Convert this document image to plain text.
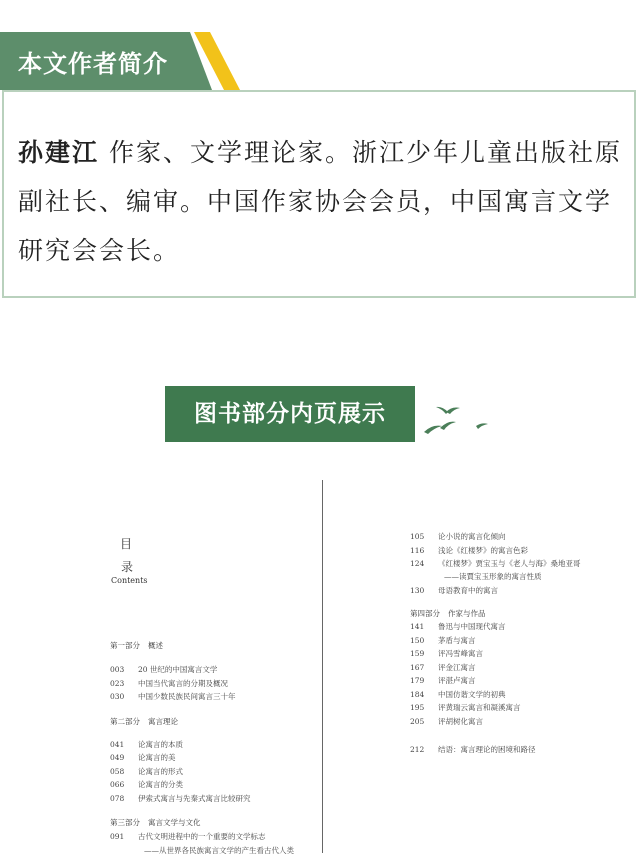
本文作者简介

孙建江 作家、文学理论家。浙江少年儿童出版社原副社长、编审。中国作家协会会员，中国寓言文学研究会会长。

图书部分内页展示
目
录
Contents
第一部分 概述
003 20 世纪的中国寓言文学
023 中国当代寓言的分期及概况
030 中国少数民族民间寓言三十年
第二部分 寓言理论
041 论寓言的本质
049 论寓言的美
058 论寓言的形式
066 论寓言的分类
078 伊索式寓言与先秦式寓言比较研究
第三部分 寓言文学与文化
091 古代文明进程中的一个重要的文学标志
——从世界各民族寓言文学的产生看古代人类
105 论小说的寓言化倾向
116 浅论《红楼梦》的寓言色彩
124 《红楼梦》贾宝玉与《老人与海》桑地亚哥
——读賈宝玉形象的寓言性质
130 母语教育中的寓言
第四部分 作家与作品
141 鲁迅与中国现代寓言
150 茅盾与寓言
159 评冯雪峰寓言
167 评金江寓言
179 评湛卢寓言
184 中国仿谐文学的初典
195 评黄瑞云寓言和凝溪寓言
205 评胡树化寓言
212 结语：寓言理论的困境和路径
